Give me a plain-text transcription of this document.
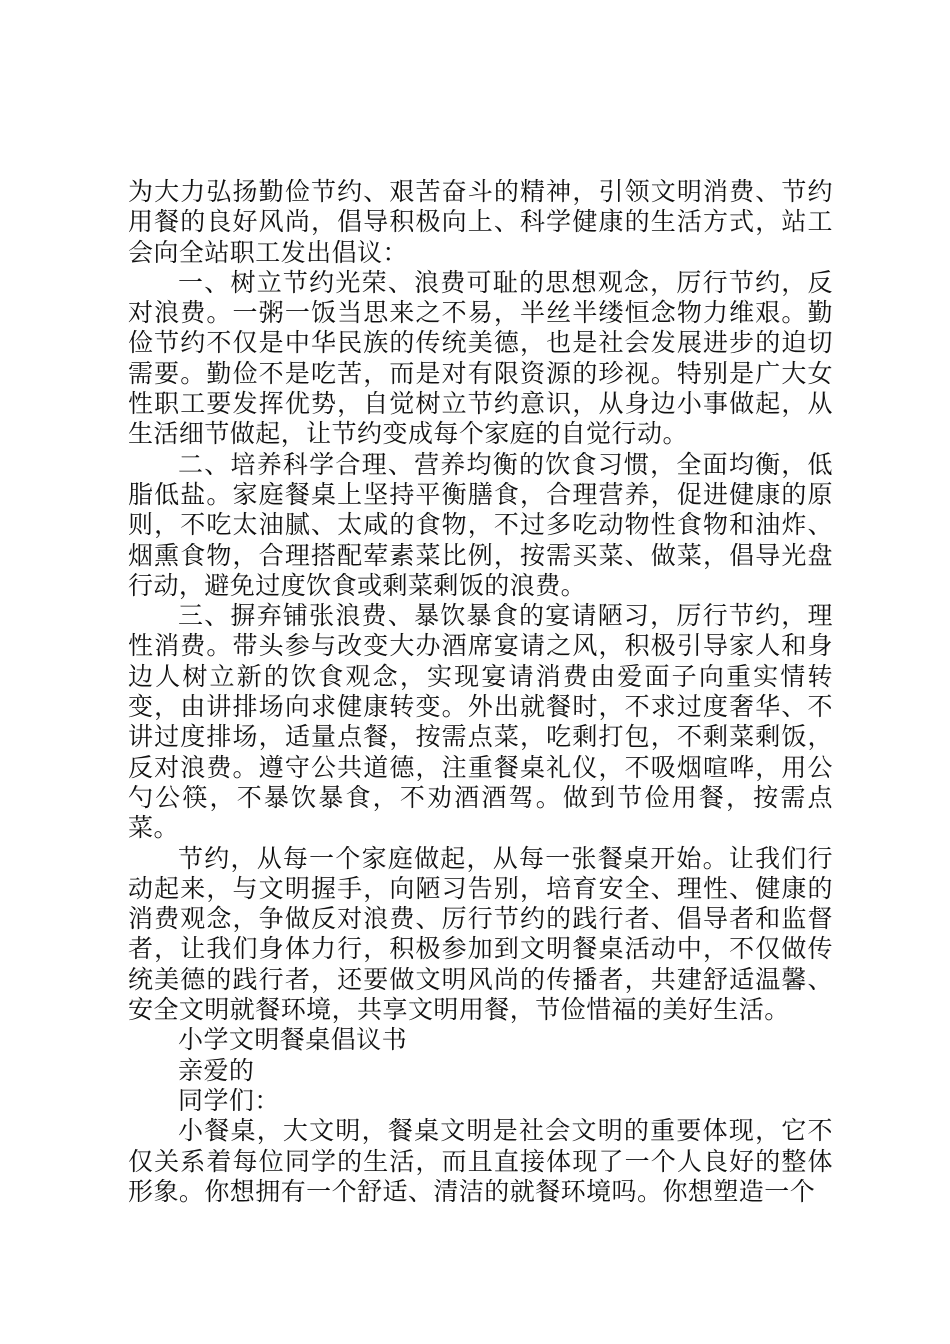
为大力弘扬勤俭节约、艰苦奋斗的精神，引领文明消费、节约用餐的良好风尚，倡导积极向上、科学健康的生活方式，站工会向全站职工发出倡议：

一、树立节约光荣、浪费可耻的思想观念，厉行节约，反对浪费。一粥一饭当思来之不易，半丝半缕恒念物力维艰。勤俭节约不仅是中华民族的传统美德，也是社会发展进步的迫切需要。勤俭不是吃苦，而是对有限资源的珍视。特别是广大女性职工要发挥优势，自觉树立节约意识，从身边小事做起，从生活细节做起，让节约变成每个家庭的自觉行动。

二、培养科学合理、营养均衡的饮食习惯，全面均衡，低脂低盐。家庭餐桌上坚持平衡膳食，合理营养，促进健康的原则，不吃太油腻、太咸的食物，不过多吃动物性食物和油炸、烟熏食物，合理搭配荤素菜比例，按需买菜、做菜，倡导光盘行动，避免过度饮食或剩菜剩饭的浪费。

三、摒弃铺张浪费、暴饮暴食的宴请陋习，厉行节约，理性消费。带头参与改变大办酒席宴请之风，积极引导家人和身边人树立新的饮食观念，实现宴请消费由爱面子向重实情转变，由讲排场向求健康转变。外出就餐时，不求过度奢华、不讲过度排场，适量点餐，按需点菜，吃剩打包，不剩菜剩饭，反对浪费。遵守公共道德，注重餐桌礼仪，不吸烟喧哗，用公勺公筷，不暴饮暴食，不劝酒酒驾。做到节俭用餐，按需点菜。

节约，从每一个家庭做起，从每一张餐桌开始。让我们行动起来，与文明握手，向陋习告别，培育安全、理性、健康的消费观念，争做反对浪费、厉行节约的践行者、倡导者和监督者，让我们身体力行，积极参加到文明餐桌活动中，不仅做传统美德的践行者，还要做文明风尚的传播者，共建舒适温馨、安全文明就餐环境，共享文明用餐，节俭惜福的美好生活。

小学文明餐桌倡议书

亲爱的

同学们：

小餐桌，大文明，餐桌文明是社会文明的重要体现，它不仅关系着每位同学的生活，而且直接体现了一个人良好的整体形象。你想拥有一个舒适、清洁的就餐环境吗。你想塑造一个
